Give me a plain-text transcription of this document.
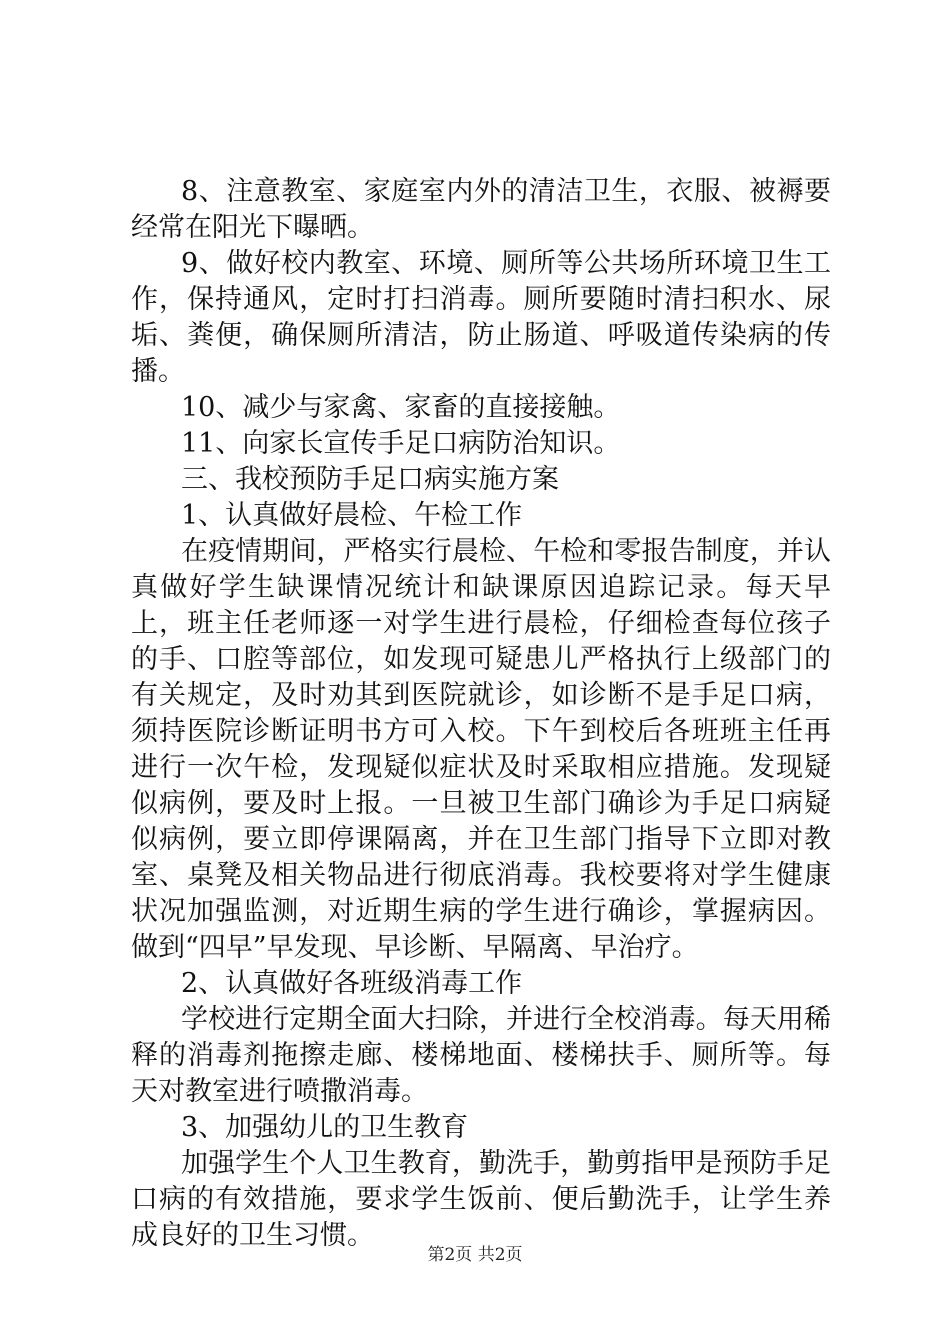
8、注意教室、家庭室内外的清洁卫生，衣服、被褥要经常在阳光下曝晒。

9、做好校内教室、环境、厕所等公共场所环境卫生工作，保持通风，定时打扫消毒。厕所要随时清扫积水、尿垢、粪便，确保厕所清洁，防止肠道、呼吸道传染病的传播。

10、减少与家禽、家畜的直接接触。

11、向家长宣传手足口病防治知识。

三、我校预防手足口病实施方案

1、认真做好晨检、午检工作

在疫情期间，严格实行晨检、午检和零报告制度，并认真做好学生缺课情况统计和缺课原因追踪记录。每天早上，班主任老师逐一对学生进行晨检，仔细检查每位孩子的手、口腔等部位，如发现可疑患儿严格执行上级部门的有关规定，及时劝其到医院就诊，如诊断不是手足口病，须持医院诊断证明书方可入校。下午到校后各班班主任再进行一次午检，发现疑似症状及时采取相应措施。发现疑似病例，要及时上报。一旦被卫生部门确诊为手足口病疑似病例，要立即停课隔离，并在卫生部门指导下立即对教室、桌凳及相关物品进行彻底消毒。我校要将对学生健康状况加强监测，对近期生病的学生进行确诊，掌握病因。做到“四早”早发现、早诊断、早隔离、早治疗。

2、认真做好各班级消毒工作

学校进行定期全面大扫除，并进行全校消毒。每天用稀释的消毒剂拖擦走廊、楼梯地面、楼梯扶手、厕所等。每天对教室进行喷撒消毒。

3、加强幼儿的卫生教育

加强学生个人卫生教育，勤洗手，勤剪指甲是预防手足口病的有效措施，要求学生饭前、便后勤洗手，让学生养成良好的卫生习惯。

第2页 共2页
